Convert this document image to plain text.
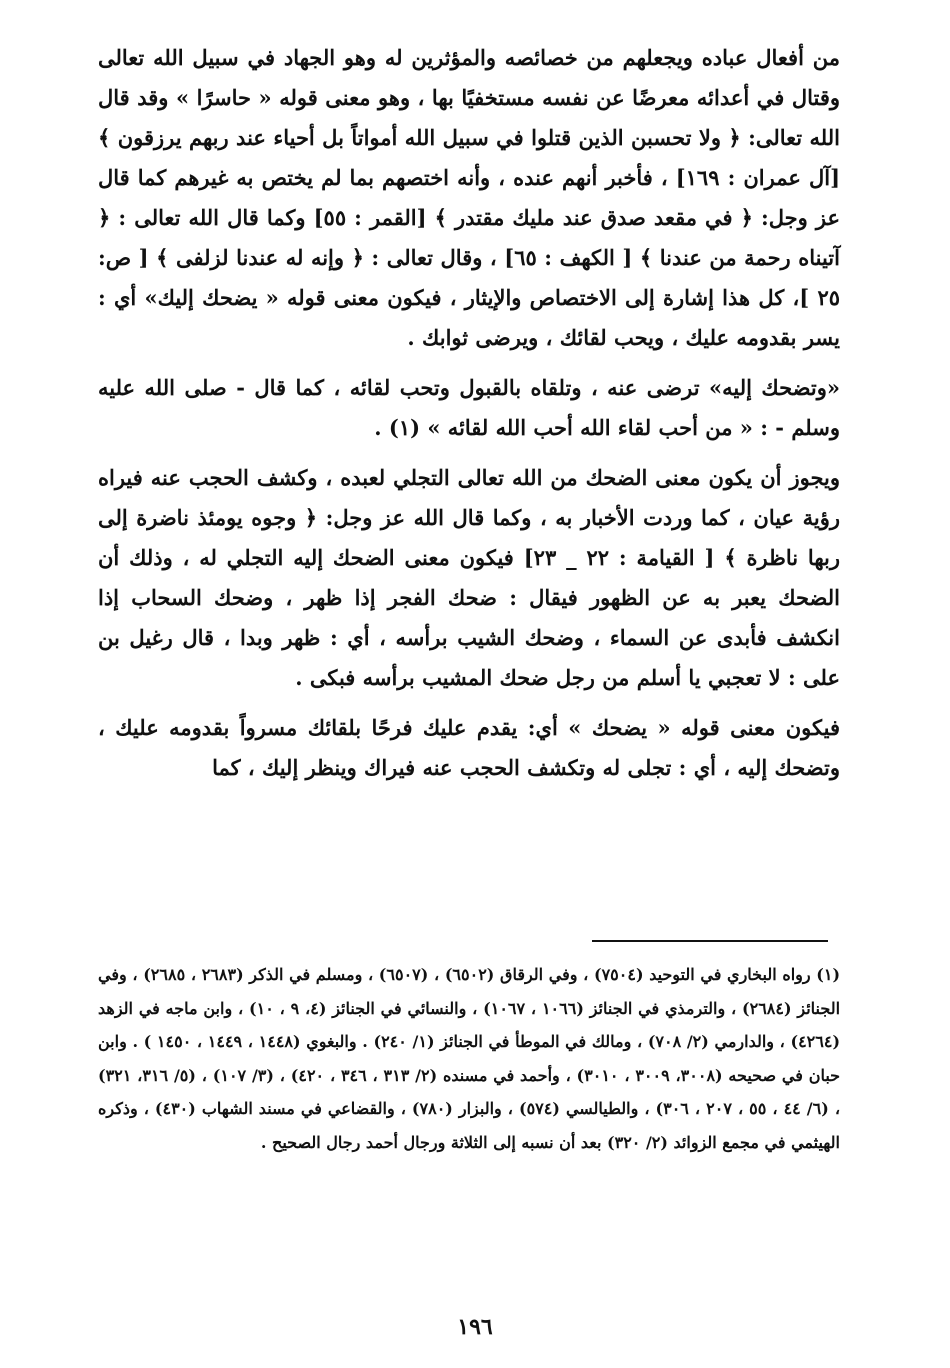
من أفعال عباده ويجعلهم من خصائصه والمؤثرين له وهو الجهاد في سبيل الله تعالى وقتال في أعدائه معرضًا عن نفسه مستخفيًا بها ، وهو معنى قوله « حاسرًا » وقد قال الله تعالى: ﴿ ولا تحسبن الذين قتلوا في سبيل الله أمواتاً بل أحياء عند ربهم يرزقون ﴾ [آل عمران : ١٦٩] ، فأخبر أنهم عنده ، وأنه اختصهم بما لم يختص به غيرهم كما قال عز وجل: ﴿ في مقعد صدق عند مليك مقتدر ﴾ [القمر : ٥٥] وكما قال الله تعالى : ﴿ آتيناه رحمة من عندنا ﴾ [ الكهف : ٦٥] ، وقال تعالى : ﴿ وإنه له عندنا لزلفى ﴾ [ ص: ٢٥ ]، كل هذا إشارة إلى الاختصاص والإيثار ، فيكون معنى قوله « يضحك إليك» أي : يسر بقدومه عليك ، ويحب لقائك ، ويرضى ثوابك .

«وتضحك إليه» ترضى عنه ، وتلقاه بالقبول وتحب لقائه ، كما قال - صلى الله عليه وسلم - : « من أحب لقاء الله أحب الله لقائه » (١) .

ويجوز أن يكون معنى الضحك من الله تعالى التجلي لعبده ، وكشف الحجب عنه فيراه رؤية عيان ، كما وردت الأخبار به ، وكما قال الله عز وجل: ﴿ وجوه يومئذ ناضرة إلى ربها ناظرة ﴾ [ القيامة : ٢٢ _ ٢٣] فيكون معنى الضحك إليه التجلي له ، وذلك أن الضحك يعبر به عن الظهور فيقال : ضحك الفجر إذا ظهر ، وضحك السحاب إذا انكشف فأبدى عن السماء ، وضحك الشيب برأسه ، أي : ظهر وبدا ، قال رغيل بن على : لا تعجبي يا أسلم من رجل ضحك المشيب برأسه فبكى .

فيكون معنى قوله « يضحك » أي: يقدم عليك فرحًا بلقائك مسرواً بقدومه عليك ، وتضحك إليه ، أي : تجلى له وتكشف الحجب عنه فيراك وينظر إليك ، كما

(١) رواه البخاري في التوحيد (٧٥٠٤) ، وفي الرقاق (٦٥٠٢) ، (٦٥٠٧) ، ومسلم في الذكر (٢٦٨٣ ، ٢٦٨٥) ، وفي الجنائز (٢٦٨٤) ، والترمذي في الجنائز (١٠٦٦ ، ١٠٦٧) ، والنسائي في الجنائز (٤، ٩ ، ١٠) ، وابن ماجه في الزهد (٤٢٦٤) ، والدارمي (٢/ ٧٠٨) ، ومالك في الموطأ في الجنائز (١/ ٢٤٠) . والبغوي (١٤٤٨ ، ١٤٤٩ ، ١٤٥٠ ) . وابن حبان في صحيحه (٣٠٠٨، ٣٠٠٩ ، ٣٠١٠) ، وأحمد في مسنده (٢/ ٣١٣ ، ٣٤٦ ، ٤٢٠) ، (٣/ ١٠٧) ، (٥/ ٣١٦، ٣٢١) ، (٦/ ٤٤ ، ٥٥ ، ٢٠٧ ، ٣٠٦) ، والطيالسي (٥٧٤) ، والبزار (٧٨٠) ، والقضاعي في مسند الشهاب (٤٣٠) ، وذكره الهيثمي في مجمع الزوائد (٢/ ٣٢٠) بعد أن نسبه إلى الثلاثة ورجال أحمد رجال الصحيح .

١٩٦
